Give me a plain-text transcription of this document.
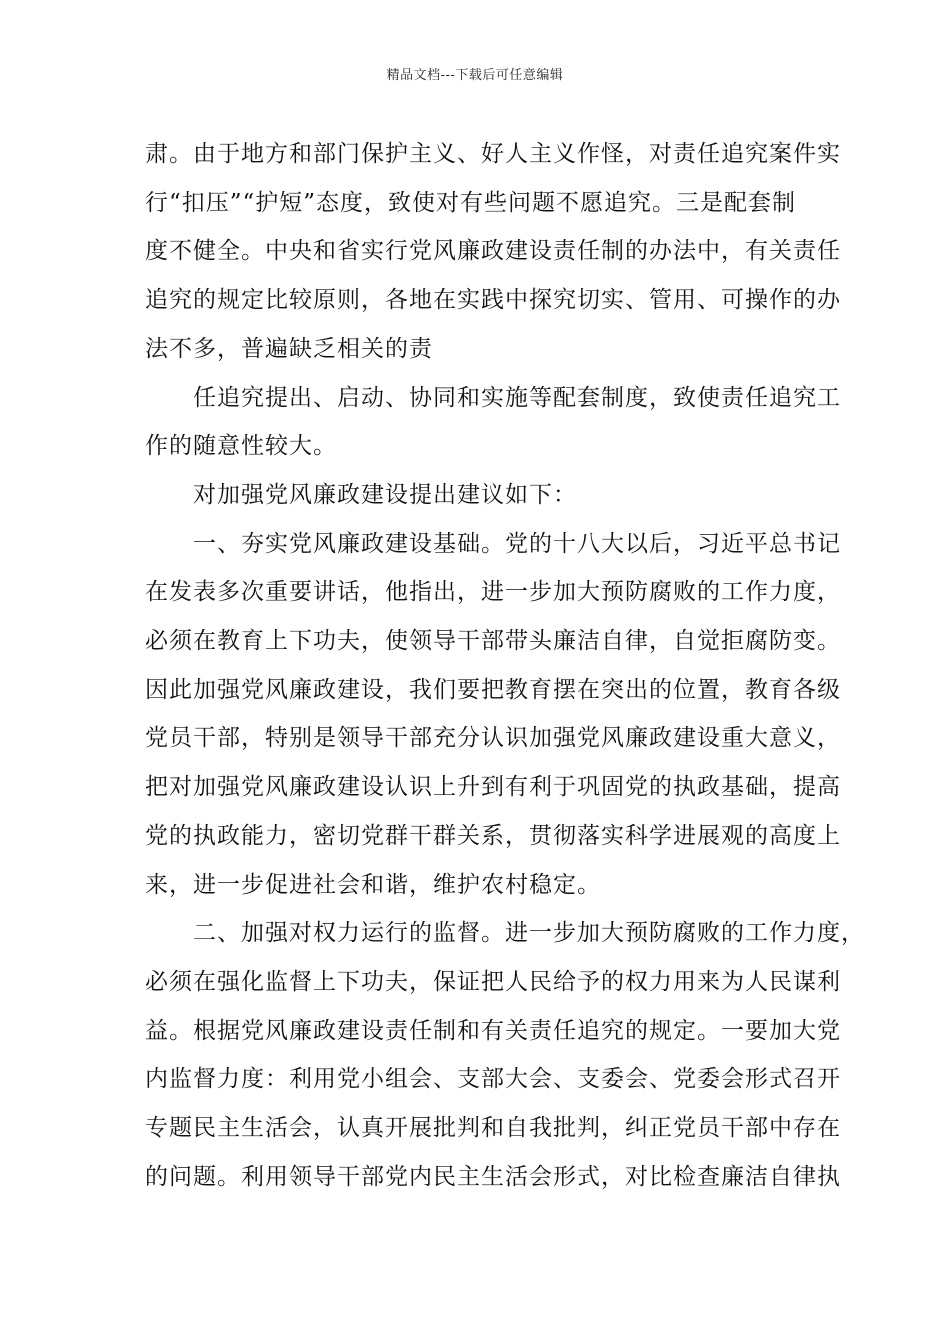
精品文档---下载后可任意编辑

肃。由于地方和部门保护主义、好人主义作怪，对责任追究案件实
行“扣压”“护短”态度，致使对有些问题不愿追究。三是配套制
度不健全。中央和省实行党风廉政建设责任制的办法中，有关责任
追究的规定比较原则，各地在实践中探究切实、管用、可操作的办
法不多，普遍缺乏相关的责

　　任追究提出、启动、协同和实施等配套制度，致使责任追究工
作的随意性较大。

　　对加强党风廉政建设提出建议如下：

　　一、夯实党风廉政建设基础。党的十八大以后，习近平总书记
在发表多次重要讲话，他指出，进一步加大预防腐败的工作力度，
必须在教育上下功夫，使领导干部带头廉洁自律，自觉拒腐防变。
因此加强党风廉政建设，我们要把教育摆在突出的位置，教育各级
党员干部，特别是领导干部充分认识加强党风廉政建设重大意义，
把对加强党风廉政建设认识上升到有利于巩固党的执政基础，提高
党的执政能力，密切党群干群关系，贯彻落实科学进展观的高度上
来，进一步促进社会和谐，维护农村稳定。

　　二、加强对权力运行的监督。进一步加大预防腐败的工作力度，
必须在强化监督上下功夫，保证把人民给予的权力用来为人民谋利
益。根据党风廉政建设责任制和有关责任追究的规定。一要加大党
内监督力度：利用党小组会、支部大会、支委会、党委会形式召开
专题民主生活会，认真开展批判和自我批判，纠正党员干部中存在
的问题。利用领导干部党内民主生活会形式，对比检查廉洁自律执
